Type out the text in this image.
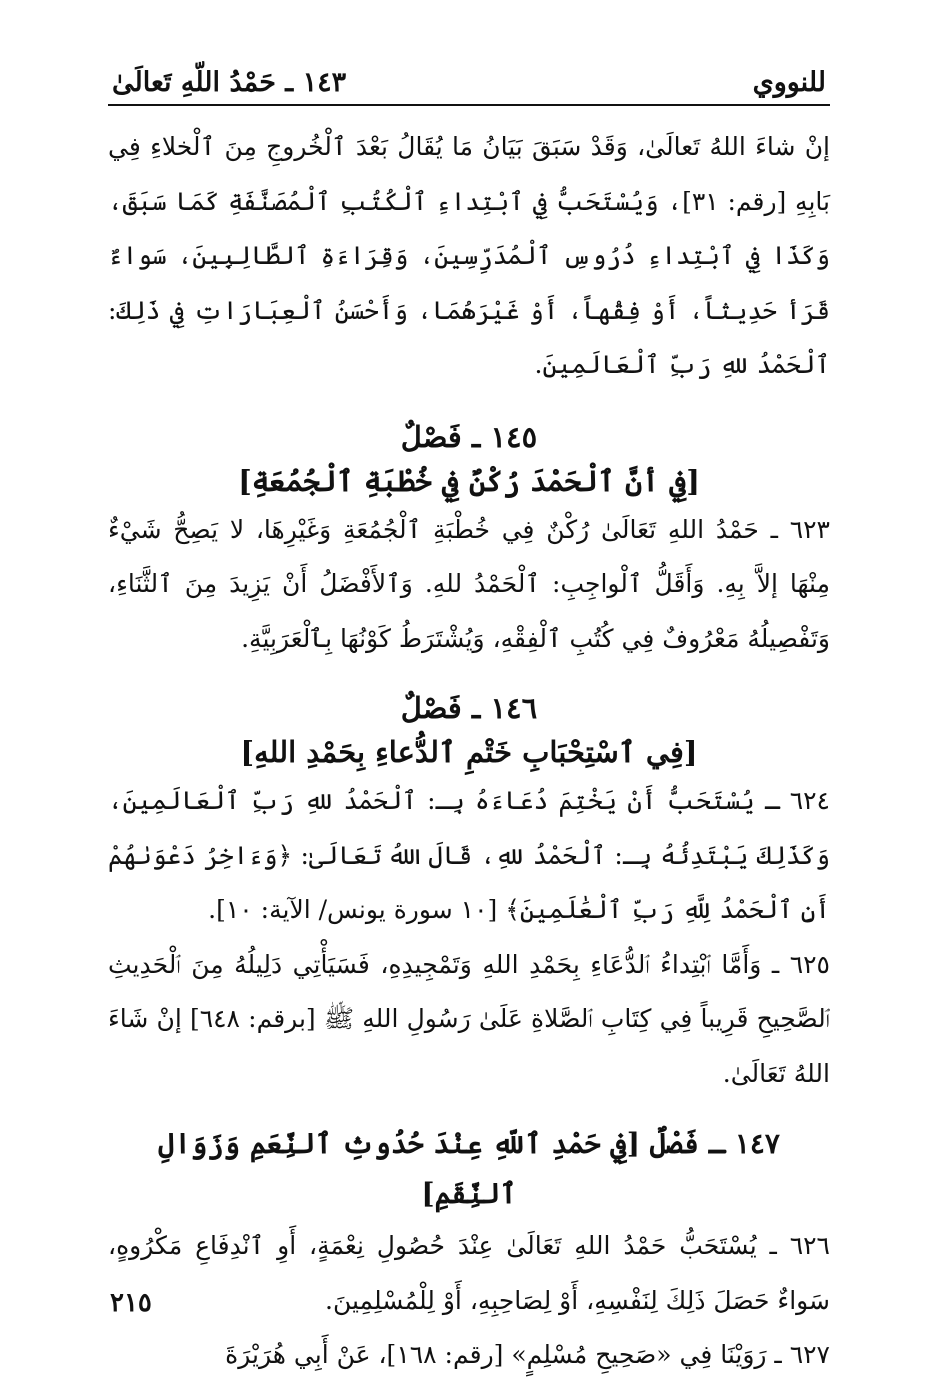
للنووي
١٤٣ ـ حَمْدُ اللّهِ تَعالَىٰ

إنْ شاءَ اللهُ تَعالَىٰ، وَقَدْ سَبَقَ بَيَانُ مَا يُقَالُ بَعْدَ ٱلْخُروجِ مِنَ ٱلْخلاءِ فِي بَابِهِ [رقم: ٣١]، وَيُسْتَحَبُّ فِي ٱبْتِداءِ ٱلْكُتُبِ ٱلْمُصَنَّفَةِ كَمَا سَبَقَ، وَكَذَا فِي ٱبْتِداءِ دُرُوسِ ٱلْمُدَرِّسِينَ، وَقِرَاءَةِ ٱلطَّالِبِينَ، سَواءٌ قَرَأ حَدِيثاً، أَوْ فِقْهاً، أَوْ غَيْرَهُمَا، وَأَحْسَنُ ٱلْعِبَارَاتِ فِي ذَلِكَ: ٱلْحَمْدُ للهِ رَبِّ ٱلْعَالَمِينَ.

١٤٥ ـ فَصْلٌ

[فِي أنَّ ٱلْحَمْدَ رُكْنٌ فِي خُطْبَةِ ٱلْجُمُعَةِ]

٦٢٣ ـ حَمْدُ اللهِ تَعَالَىٰ رُكْنٌ فِي خُطْبَةِ ٱلْجُمُعَةِ وَغَيْرِهَا، لا يَصِحُّ شَيْءٌ مِنْهَا إلاَّ بِهِ. وَأَقَلُّ ٱلْواجِبِ: ٱلْحَمْدُ للهِ. وَٱلأَفْضَلُ أَنْ يَزِيدَ مِنَ ٱلثَّنَاءِ، وَتَفْصِيلُهُ مَعْرُوفٌ فِي كُتُبِ ٱلْفِقْهِ، وَيُشْتَرَطُ كَوْنُهَا بِٱلْعَرَبِيَّةِ.

١٤٦ ـ فَصْلٌ

[فِي ٱسْتِحْبَابِ خَتْمِ ٱلدُّعاءِ بِحَمْدِ اللهِ]

٦٢٤ ـ يُسْتَحَبُّ أَنْ يَخْتِمَ دُعَاءَهُ بِـ: ٱلْحَمْدُ للهِ رَبِّ ٱلْعَالَمِينَ، وَكَذَلِكَ يَبْتَدِئُهُ بِـ: ٱلْحَمْدُ للهِ، قَالَ اللهُ تَعَالَىٰ: ﴿وَءَاخِرُ دَعْوَىٰهُمْ أَنِ ٱلْحَمْدُ لِلَّهِ رَبِّ ٱلْعَٰلَمِينَ﴾ [١٠ سورة يونس/ الآية: ١٠].

٦٢٥ ـ وَأَمَّا ٱبْتِداءُ ٱلدُّعَاءِ بِحَمْدِ اللهِ وَتَمْجِيدِهِ، فَسَيَأْتِي دَلِيلُهُ مِنَ ٱلْحَدِيثِ ٱلصَّحِيحِ قَرِيباً فِي كِتَابِ ٱلصَّلاةِ عَلَىٰ رَسُولِ اللهِ ﷺ [برقم: ٦٤٨] إنْ شَاءَ اللهُ تَعَالَىٰ.

١٤٧ ـ فَصْلٌ [فِي حَمْدِ ٱللّهِ عِنْدَ حُدُوثِ ٱلنِّعَمِ وَزَوَالِ ٱلنِّقَمِ]

٦٢٦ ـ يُسْتَحَبُّ حَمْدُ اللهِ تَعَالَىٰ عِنْدَ حُصُولِ نِعْمَةٍ، أَوِ ٱنْدِفَاعِ مَكْرُوهٍ، سَواءٌ حَصَلَ ذَلِكَ لِنَفْسِهِ، أَوْ لِصَاحِبِهِ، أَوْ لِلْمُسْلِمِينَ.

٦٢٧ ـ رَوَيْنَا فِي «صَحِيحِ مُسْلِمٍ» [رقم: ١٦٨]، عَنْ أَبِي هُرَيْرَةَ

٢١٥
